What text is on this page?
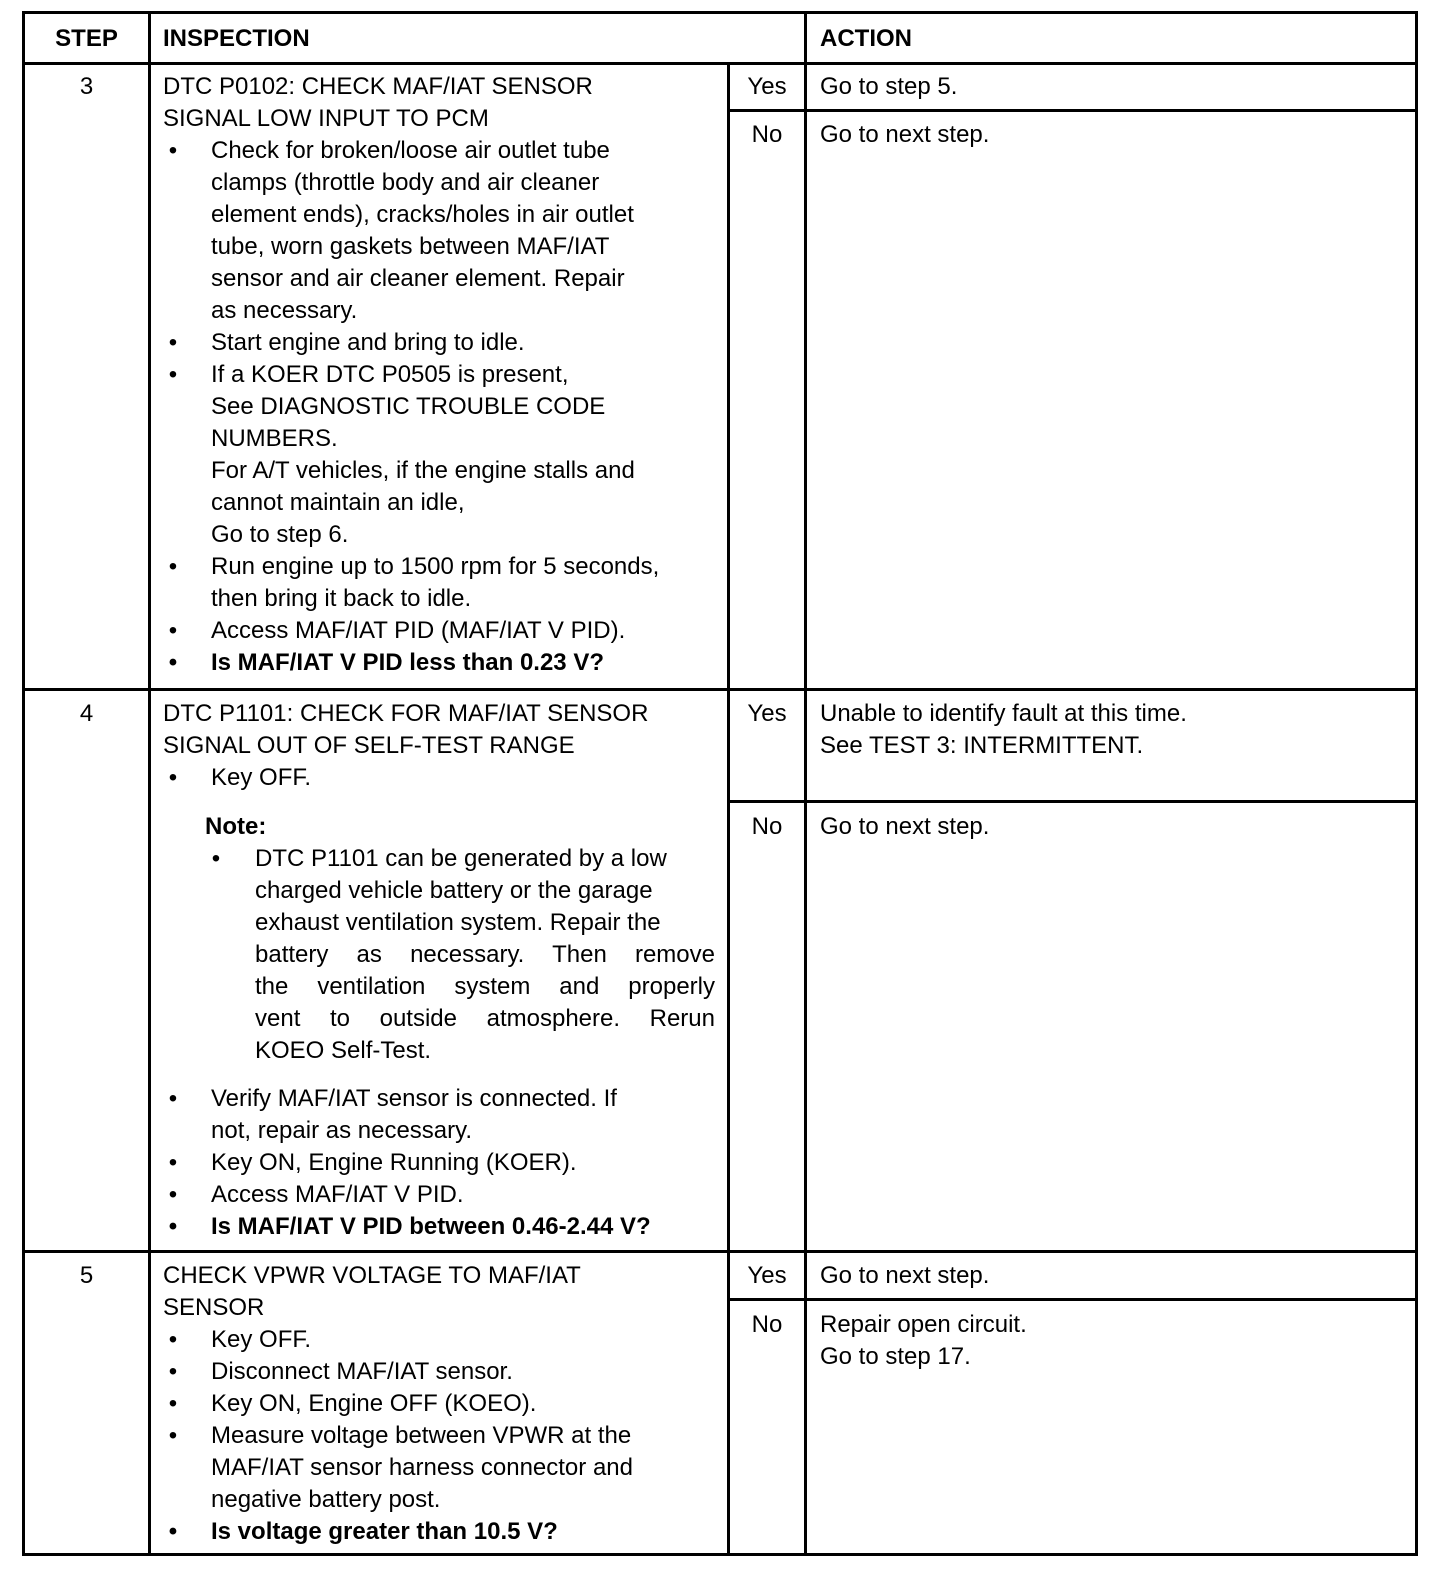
STEP	INSPECTION	ACTION
3	DTC P0102: CHECK MAF/IAT SENSOR
SIGNAL LOW INPUT TO PCM
• Check for broken/loose air outlet tube
clamps (throttle body and air cleaner
element ends), cracks/holes in air outlet
tube, worn gaskets between MAF/IAT
sensor and air cleaner element. Repair
as necessary.
• Start engine and bring to idle.
• If a KOER DTC P0505 is present,
See DIAGNOSTIC TROUBLE CODE
NUMBERS.
For A/T vehicles, if the engine stalls and
cannot maintain an idle,
Go to step 6.
• Run engine up to 1500 rpm for 5 seconds,
then bring it back to idle.
• Access MAF/IAT PID (MAF/IAT V PID).
• Is MAF/IAT V PID less than 0.23 V?
Yes	Go to step 5.
No	Go to next step.
4	DTC P1101: CHECK FOR MAF/IAT SENSOR
SIGNAL OUT OF SELF-TEST RANGE
• Key OFF.
Note:
• DTC P1101 can be generated by a low
charged vehicle battery or the garage
exhaust ventilation system. Repair the
battery as necessary. Then remove
the ventilation system and properly
vent to outside atmosphere. Rerun
KOEO Self-Test.
• Verify MAF/IAT sensor is connected. If
not, repair as necessary.
• Key ON, Engine Running (KOER).
• Access MAF/IAT V PID.
• Is MAF/IAT V PID between 0.46-2.44 V?
Yes	Unable to identify fault at this time.
See TEST 3: INTERMITTENT.
No	Go to next step.
5	CHECK VPWR VOLTAGE TO MAF/IAT
SENSOR
• Key OFF.
• Disconnect MAF/IAT sensor.
• Key ON, Engine OFF (KOEO).
• Measure voltage between VPWR at the
MAF/IAT sensor harness connector and
negative battery post.
• Is voltage greater than 10.5 V?
Yes	Go to next step.
No	Repair open circuit.
Go to step 17.
